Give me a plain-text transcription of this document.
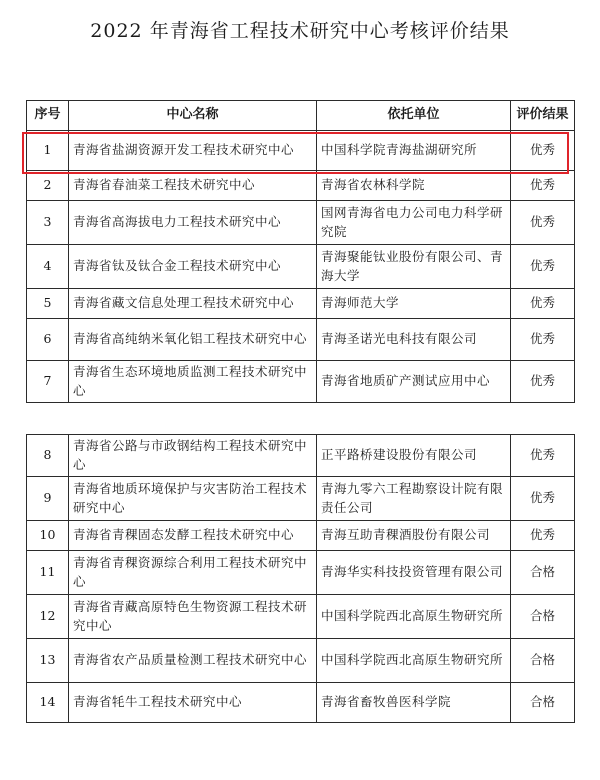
2022 年青海省工程技术研究中心考核评价结果
序号	中心名称	依托单位	评价结果
1	青海省盐湖资源开发工程技术研究中心	中国科学院青海盐湖研究所	优秀
2	青海省春油菜工程技术研究中心	青海省农林科学院	优秀
3	青海省高海拔电力工程技术研究中心	国网青海省电力公司电力科学研究院	优秀
4	青海省钛及钛合金工程技术研究中心	青海聚能钛业股份有限公司、青海大学	优秀
5	青海省藏文信息处理工程技术研究中心	青海师范大学	优秀
6	青海省高纯纳米氧化铝工程技术研究中心	青海圣诺光电科技有限公司	优秀
7	青海省生态环境地质监测工程技术研究中心	青海省地质矿产测试应用中心	优秀
8	青海省公路与市政钢结构工程技术研究中心	正平路桥建设股份有限公司	优秀
9	青海省地质环境保护与灾害防治工程技术研究中心	青海九零六工程勘察设计院有限责任公司	优秀
10	青海省青稞固态发酵工程技术研究中心	青海互助青稞酒股份有限公司	优秀
11	青海省青稞资源综合利用工程技术研究中心	青海华实科技投资管理有限公司	合格
12	青海省青藏高原特色生物资源工程技术研究中心	中国科学院西北高原生物研究所	合格
13	青海省农产品质量检测工程技术研究中心	中国科学院西北高原生物研究所	合格
14	青海省牦牛工程技术研究中心	青海省畜牧兽医科学院	合格
